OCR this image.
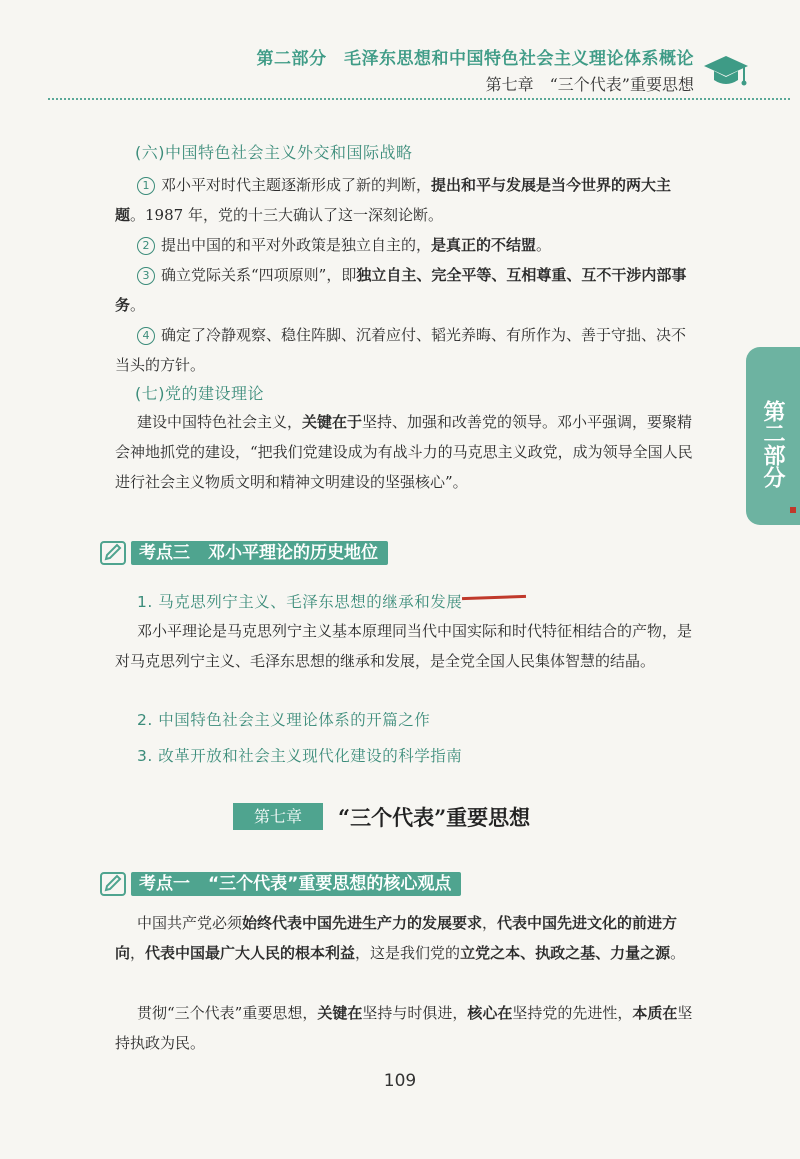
第二部分　毛泽东思想和中国特色社会主义理论体系概论
第七章　“三个代表”重要思想
第二部分
(六)中国特色社会主义外交和国际战略

1 邓小平对时代主题逐渐形成了新的判断，提出和平与发展是当今世界的两大主题。1987 年，党的十三大确认了这一深刻论断。

2 提出中国的和平对外政策是独立自主的，是真正的不结盟。

3 确立党际关系“四项原则”，即独立自主、完全平等、互相尊重、互不干涉内部事务。

4 确定了冷静观察、稳住阵脚、沉着应付、韬光养晦、有所作为、善于守拙、决不当头的方针。

(七)党的建设理论

建设中国特色社会主义，关键在于坚持、加强和改善党的领导。邓小平强调，要聚精会神地抓党的建设，“把我们党建设成为有战斗力的马克思主义政党，成为领导全国人民进行社会主义物质文明和精神文明建设的坚强核心”。

考点三 邓小平理论的历史地位
1. 马克思列宁主义、毛泽东思想的继承和发展

邓小平理论是马克思列宁主义基本原理同当代中国实际和时代特征相结合的产物，是对马克思列宁主义、毛泽东思想的继承和发展，是全党全国人民集体智慧的结晶。

2. 中国特色社会主义理论体系的开篇之作
3. 改革开放和社会主义现代化建设的科学指南
第七章	“三个代表”重要思想
考点一 “三个代表”重要思想的核心观点

中国共产党必须始终代表中国先进生产力的发展要求，代表中国先进文化的前进方向，代表中国最广大人民的根本利益，这是我们党的立党之本、执政之基、力量之源。

贯彻“三个代表”重要思想，关键在坚持与时俱进，核心在坚持党的先进性，本质在坚持执政为民。

109
